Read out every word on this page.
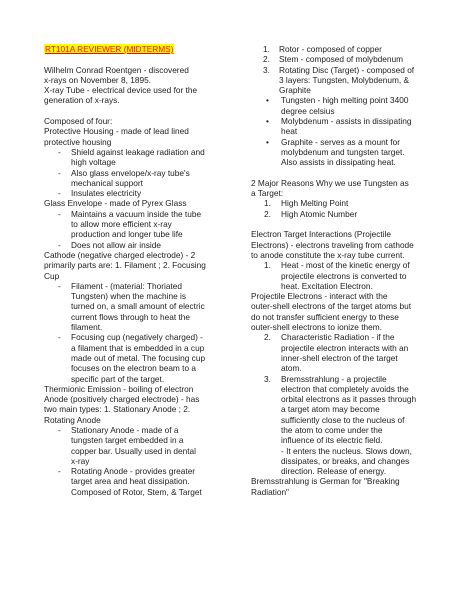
RT101A REVIEWER (MIDTERMS)
Wilhelm Conrad Roentgen - discovered
x-rays on November 8, 1895.
X-ray Tube - electrical device used for the
generation of x-rays.
Composed of four:
Protective Housing - made of lead lined
protective housing
- Shield against leakage radiation and
high voltage
- Also glass envelope/x-ray tube's
mechanical support
- Insulates electricity
Glass Envelope - made of Pyrex Glass
- Maintains a vacuum inside the tube
to allow more efficient x-ray
production and longer tube life
- Does not allow air inside
Cathode (negative charged electrode) - 2
primarily parts are: 1. Filament ; 2. Focusing
Cup
- Filament - (material: Thoriated
Tungsten) when the machine is
turned on, a small amount of electric
current flows through to heat the
filament.
- Focusing cup (negatively charged) -
a filament that is embedded in a cup
made out of metal. The focusing cup
focuses on the electron beam to a
specific part of the target.
Thermionic Emission - boiling of electron
Anode (positively charged electrode) - has
two main types: 1. Stationary Anode ; 2.
Rotating Anode
- Stationary Anode - made of a
tungsten target embedded in a
copper bar. Usually used in dental
x-ray
- Rotating Anode - provides greater
target area and heat dissipation.
Composed of Rotor, Stem, & Target
1. Rotor - composed of copper
2. Stem - composed of molybdenum
3. Rotating Disc (Target) - composed of
3 layers: Tungsten, Molybdenum, &
Graphite
• Tungsten - high melting point 3400
degree celsius
• Molybdenum - assists in dissipating
heat
• Graphite - serves as a mount for
molybdenum and tungsten target.
Also assists in dissipating heat.
2 Major Reasons Why we use Tungsten as
a Target:
1. High Melting Point
2. High Atomic Number
Electron Target Interactions (Projectile
Electrons) - electrons traveling from cathode
to anode constitute the x-ray tube current.
1. Heat - most of the kinetic energy of
projectile electrons is converted to
heat. Excitation Electron.
Projectile Electrons - interact with the
outer-shell electrons of the target atoms but
do not transfer sufficient energy to these
outer-shell electrons to ionize them.
2. Characteristic Radiation - if the
projectile electron interacts with an
inner-shell electron of the target
atom.
3. Bremsstrahlung - a projectile
electron that completely avoids the
orbital electrons as it passes through
a target atom may become
sufficiently close to the nucleus of
the atom to come under the
influence of its electric field.
- It enters the nucleus. Slows down,
dissipates, or breaks, and changes
direction. Release of energy.
Bremsstrahlung is German for "Breaking
Radiation"
